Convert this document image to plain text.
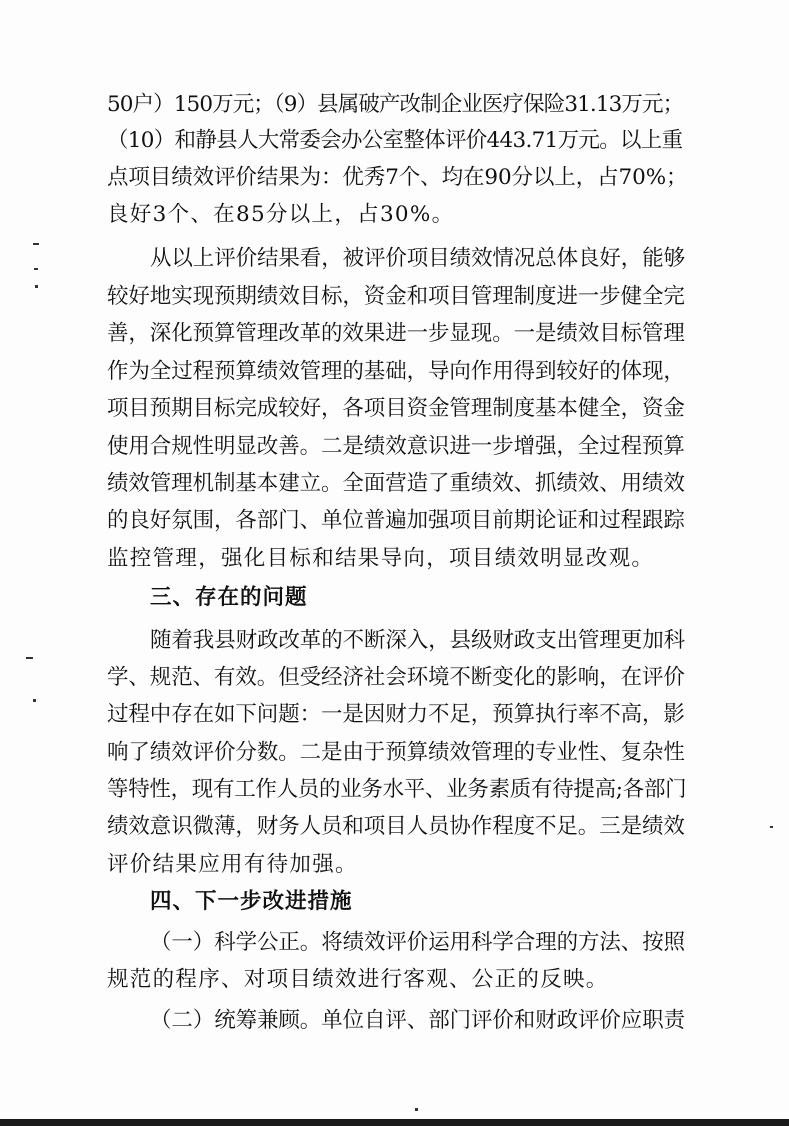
50户）150万元；（9）县属破产改制企业医疗保险31.13万元；
（10）和静县人大常委会办公室整体评价443.71万元。以上重
点项目绩效评价结果为：优秀7个、均在90分以上，占70%；
良好3个、在85分以上，占30%。
从以上评价结果看，被评价项目绩效情况总体良好，能够
较好地实现预期绩效目标，资金和项目管理制度进一步健全完
善，深化预算管理改革的效果进一步显现。一是绩效目标管理
作为全过程预算绩效管理的基础，导向作用得到较好的体现，
项目预期目标完成较好，各项目资金管理制度基本健全，资金
使用合规性明显改善。二是绩效意识进一步增强，全过程预算
绩效管理机制基本建立。全面营造了重绩效、抓绩效、用绩效
的良好氛围，各部门、单位普遍加强项目前期论证和过程跟踪
监控管理，强化目标和结果导向，项目绩效明显改观。
三、存在的问题
随着我县财政改革的不断深入，县级财政支出管理更加科
学、规范、有效。但受经济社会环境不断变化的影响，在评价
过程中存在如下问题：一是因财力不足，预算执行率不高，影
响了绩效评价分数。二是由于预算绩效管理的专业性、复杂性
等特性，现有工作人员的业务水平、业务素质有待提高;各部门
绩效意识微薄，财务人员和项目人员协作程度不足。三是绩效
评价结果应用有待加强。
四、下一步改进措施
（一）科学公正。将绩效评价运用科学合理的方法、按照
规范的程序、对项目绩效进行客观、公正的反映。
（二）统筹兼顾。单位自评、部门评价和财政评价应职责
